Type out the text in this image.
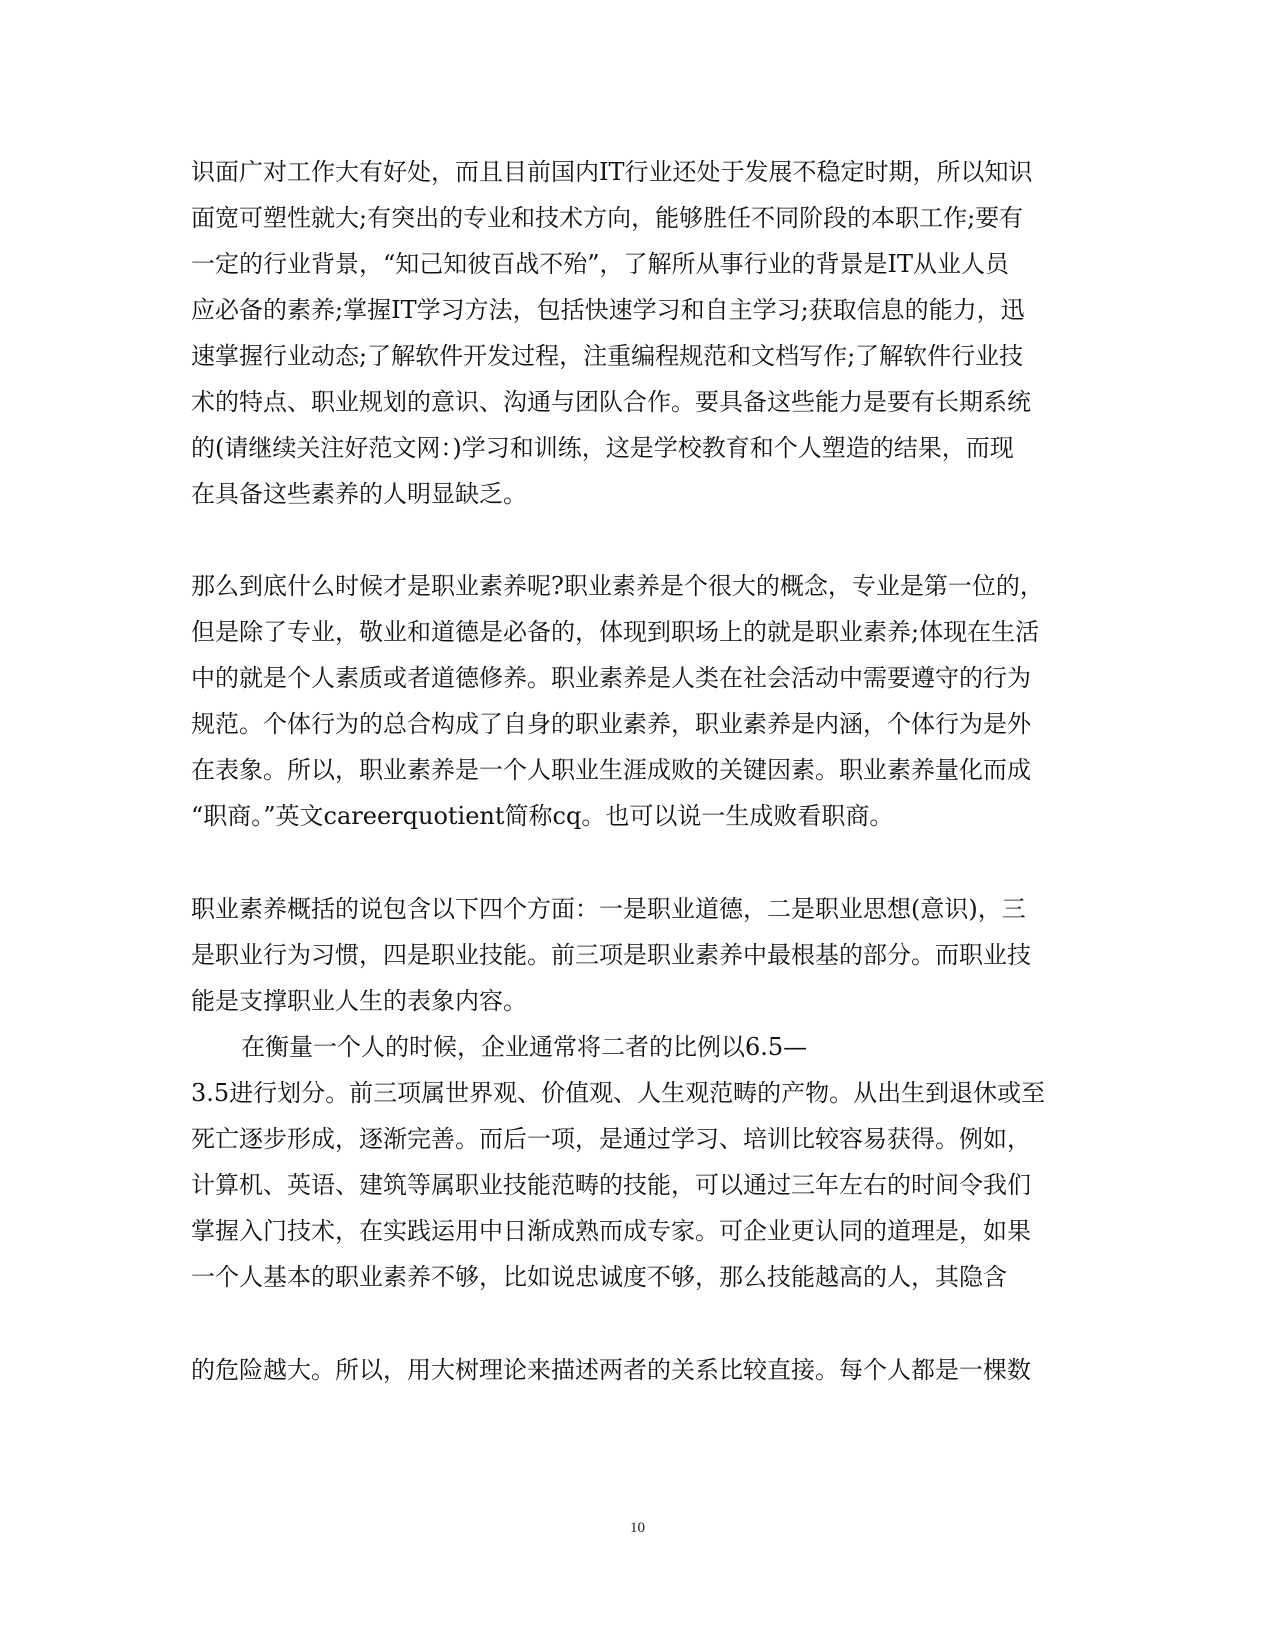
识面广对工作大有好处，而且目前国内IT行业还处于发展不稳定时期，所以知识
面宽可塑性就大;有突出的专业和技术方向，能够胜任不同阶段的本职工作;要有
一定的行业背景，“知己知彼百战不殆”，了解所从事行业的背景是IT从业人员
应必备的素养;掌握IT学习方法，包括快速学习和自主学习;获取信息的能力，迅
速掌握行业动态;了解软件开发过程，注重编程规范和文档写作;了解软件行业技
术的特点、职业规划的意识、沟通与团队合作。要具备这些能力是要有长期系统
的(请继续关注好范文网：)学习和训练，这是学校教育和个人塑造的结果，而现
在具备这些素养的人明显缺乏。
那么到底什么时候才是职业素养呢?职业素养是个很大的概念，专业是第一位的，
但是除了专业，敬业和道德是必备的，体现到职场上的就是职业素养;体现在生活
中的就是个人素质或者道德修养。职业素养是人类在社会活动中需要遵守的行为
规范。个体行为的总合构成了自身的职业素养，职业素养是内涵，个体行为是外
在表象。所以，职业素养是一个人职业生涯成败的关键因素。职业素养量化而成
“职商。”英文careerquotient简称cq。也可以说一生成败看职商。
职业素养概括的说包含以下四个方面：一是职业道德，二是职业思想(意识)，三
是职业行为习惯，四是职业技能。前三项是职业素养中最根基的部分。而职业技
能是支撑职业人生的表象内容。
在衡量一个人的时候，企业通常将二者的比例以6.5—
3.5进行划分。前三项属世界观、价值观、人生观范畴的产物。从出生到退休或至
死亡逐步形成，逐渐完善。而后一项，是通过学习、培训比较容易获得。例如，
计算机、英语、建筑等属职业技能范畴的技能，可以通过三年左右的时间令我们
掌握入门技术，在实践运用中日渐成熟而成专家。可企业更认同的道理是，如果
一个人基本的职业素养不够，比如说忠诚度不够，那么技能越高的人，其隐含
的危险越大。所以，用大树理论来描述两者的关系比较直接。每个人都是一棵数
10
